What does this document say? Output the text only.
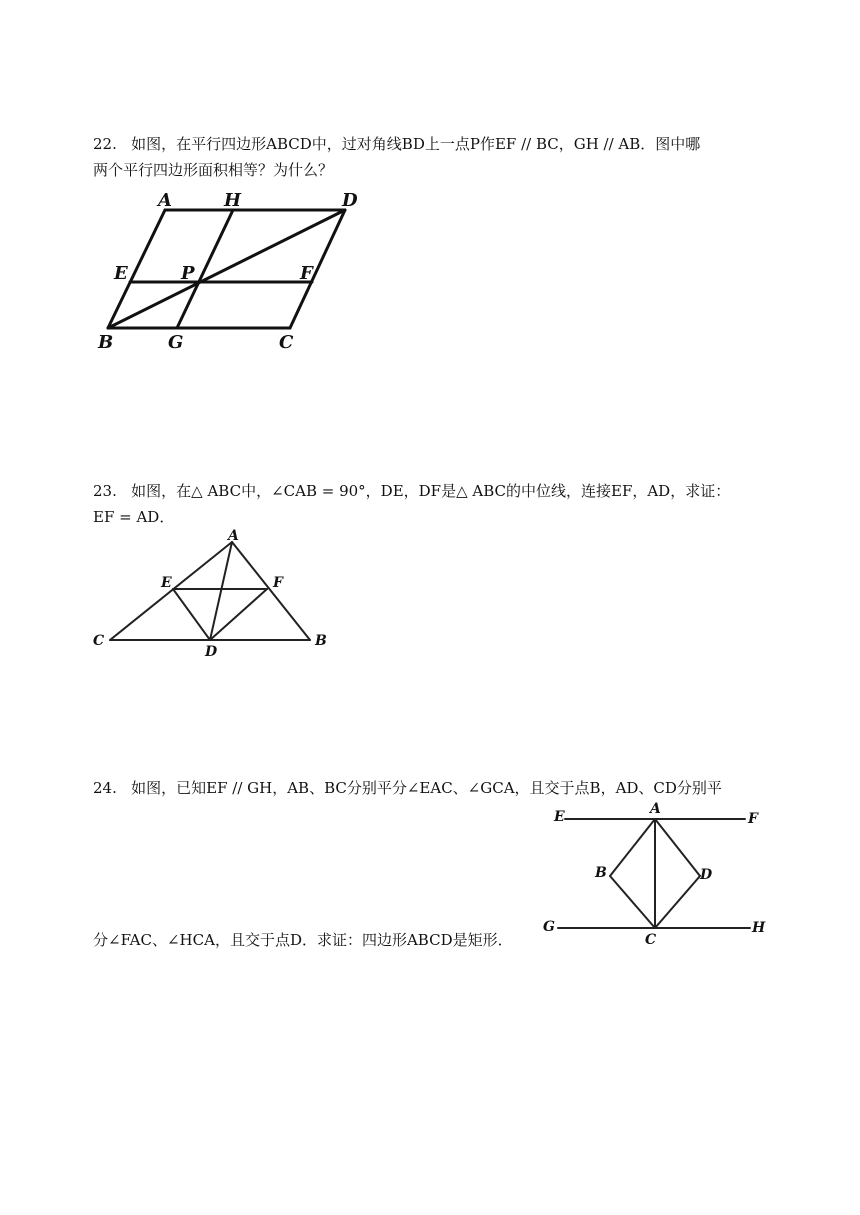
22.   如图，在平行四边形ABCD中，过对角线BD上一点P作EF // BC，GH // AB．图中哪
两个平行四边形面积相等？为什么？
A	H	D
E	P	F
B	G	C
23.   如图，在△ ABC中，∠CAB = 90°，DE，DF是△ ABC的中位线，连接EF，AD，求证：
EF = AD．
A
E	F
C
D
B
24.   如图，已知EF // GH，AB、BC分别平分∠EAC、∠GCA，且交于点B，AD、CD分别平
分∠FAC、∠HCA，且交于点D．求证：四边形ABCD是矩形．
E	A
F
B	D
G
C
H
